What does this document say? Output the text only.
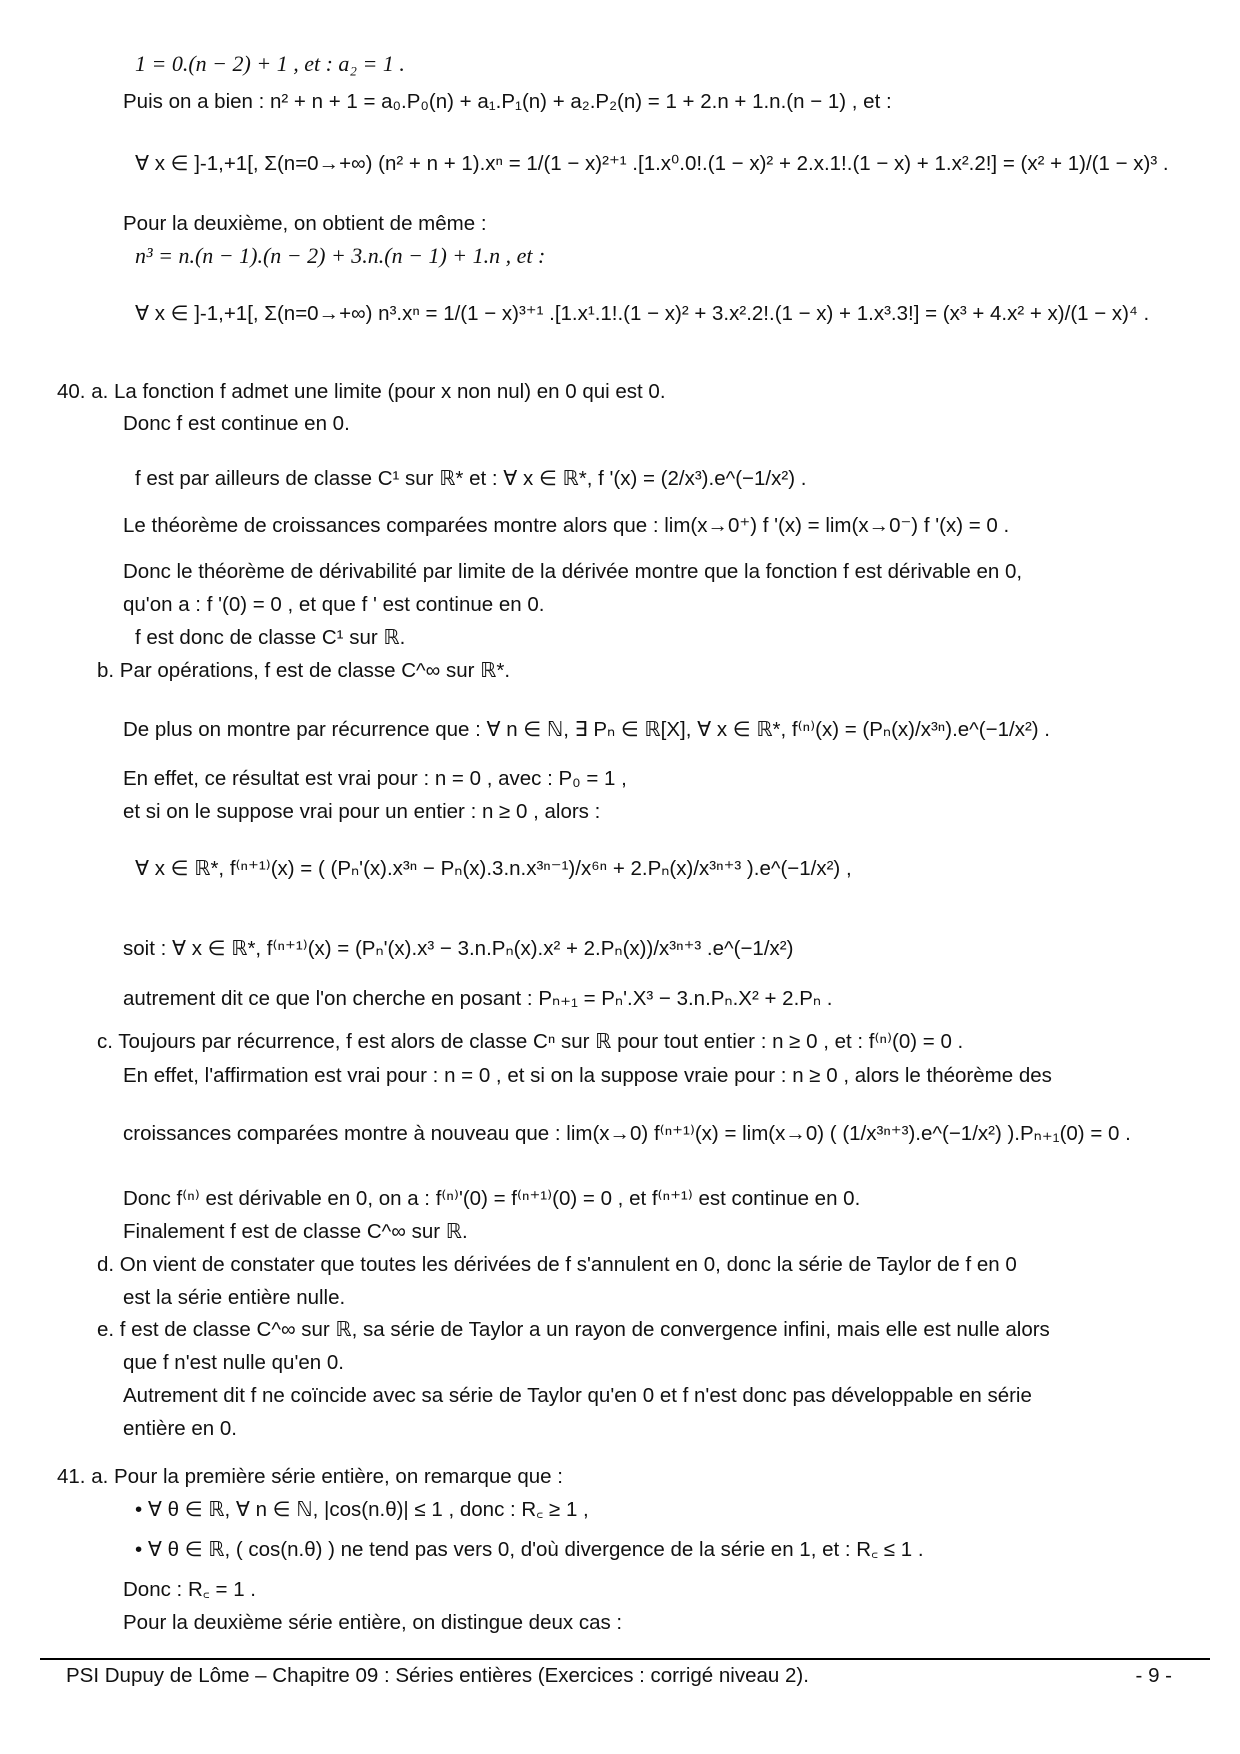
1 = 0.(n − 2) + 1 , et : a₂ = 1 .
Puis on a bien : n² + n + 1 = a₀.P₀(n) + a₁.P₁(n) + a₂.P₂(n) = 1 + 2.n + 1.n.(n − 1) , et :
∀ x ∈ ]-1,+1[, Σ(n=0→+∞) (n² + n + 1).xⁿ = 1/(1 − x)²⁺¹ .[1.x⁰.0!.(1 − x)² + 2.x.1!.(1 − x) + 1.x².2!] = (x² + 1)/(1 − x)³ .
Pour la deuxième, on obtient de même :
n³ = n.(n − 1).(n − 2) + 3.n.(n − 1) + 1.n , et :
∀ x ∈ ]-1,+1[, Σ(n=0→+∞) n³.xⁿ = 1/(1 − x)³⁺¹ .[1.x¹.1!.(1 − x)² + 3.x².2!.(1 − x) + 1.x³.3!] = (x³ + 4.x² + x)/(1 − x)⁴ .
40. a. La fonction f admet une limite (pour x non nul) en 0 qui est 0.
Donc f est continue en 0.
f est par ailleurs de classe C¹ sur ℝ* et : ∀ x ∈ ℝ*, f '(x) = (2/x³).e^(−1/x²) .
Le théorème de croissances comparées montre alors que : lim(x→0⁺) f '(x) = lim(x→0⁻) f '(x) = 0 .
Donc le théorème de dérivabilité par limite de la dérivée montre que la fonction f est dérivable en 0,
qu'on a : f '(0) = 0 , et que f ' est continue en 0.
f est donc de classe C¹ sur ℝ.
b. Par opérations, f est de classe C^∞ sur ℝ*.
De plus on montre par récurrence que : ∀ n ∈ ℕ, ∃ Pₙ ∈ ℝ[X], ∀ x ∈ ℝ*, f⁽ⁿ⁾(x) = (Pₙ(x)/x³ⁿ).e^(−1/x²) .
En effet, ce résultat est vrai pour : n = 0 , avec : P₀ = 1 ,
et si on le suppose vrai pour un entier : n ≥ 0 , alors :
∀ x ∈ ℝ*, f⁽ⁿ⁺¹⁾(x) = ( (Pₙ'(x).x³ⁿ − Pₙ(x).3.n.x³ⁿ⁻¹)/x⁶ⁿ + 2.Pₙ(x)/x³ⁿ⁺³ ).e^(−1/x²) ,
soit : ∀ x ∈ ℝ*, f⁽ⁿ⁺¹⁾(x) = (Pₙ'(x).x³ − 3.n.Pₙ(x).x² + 2.Pₙ(x))/x³ⁿ⁺³ .e^(−1/x²)
autrement dit ce que l'on cherche en posant : Pₙ₊₁ = Pₙ'.X³ − 3.n.Pₙ.X² + 2.Pₙ .
c. Toujours par récurrence, f est alors de classe Cⁿ sur ℝ pour tout entier : n ≥ 0 , et : f⁽ⁿ⁾(0) = 0 .
En effet, l'affirmation est vrai pour : n = 0 , et si on la suppose vraie pour : n ≥ 0 , alors le théorème des
croissances comparées montre à nouveau que : lim(x→0) f⁽ⁿ⁺¹⁾(x) = lim(x→0) ( (1/x³ⁿ⁺³).e^(−1/x²) ).Pₙ₊₁(0) = 0 .
Donc f⁽ⁿ⁾ est dérivable en 0, on a : f⁽ⁿ⁾'(0) = f⁽ⁿ⁺¹⁾(0) = 0 , et f⁽ⁿ⁺¹⁾ est continue en 0.
Finalement f est de classe C^∞ sur ℝ.
d. On vient de constater que toutes les dérivées de f s'annulent en 0, donc la série de Taylor de f en 0
est la série entière nulle.
e. f est de classe C^∞ sur ℝ, sa série de Taylor a un rayon de convergence infini, mais elle est nulle alors
que f n'est nulle qu'en 0.
Autrement dit f ne coïncide avec sa série de Taylor qu'en 0 et f n'est donc pas développable en série
entière en 0.
41. a. Pour la première série entière, on remarque que :
• ∀ θ ∈ ℝ, ∀ n ∈ ℕ, |cos(n.θ)| ≤ 1 , donc : R꜀ ≥ 1 ,
• ∀ θ ∈ ℝ, ( cos(n.θ) ) ne tend pas vers 0, d'où divergence de la série en 1, et : R꜀ ≤ 1 .
Donc : R꜀ = 1 .
Pour la deuxième série entière, on distingue deux cas :
PSI Dupuy de Lôme – Chapitre 09 : Séries entières (Exercices : corrigé niveau 2).	- 9 -
